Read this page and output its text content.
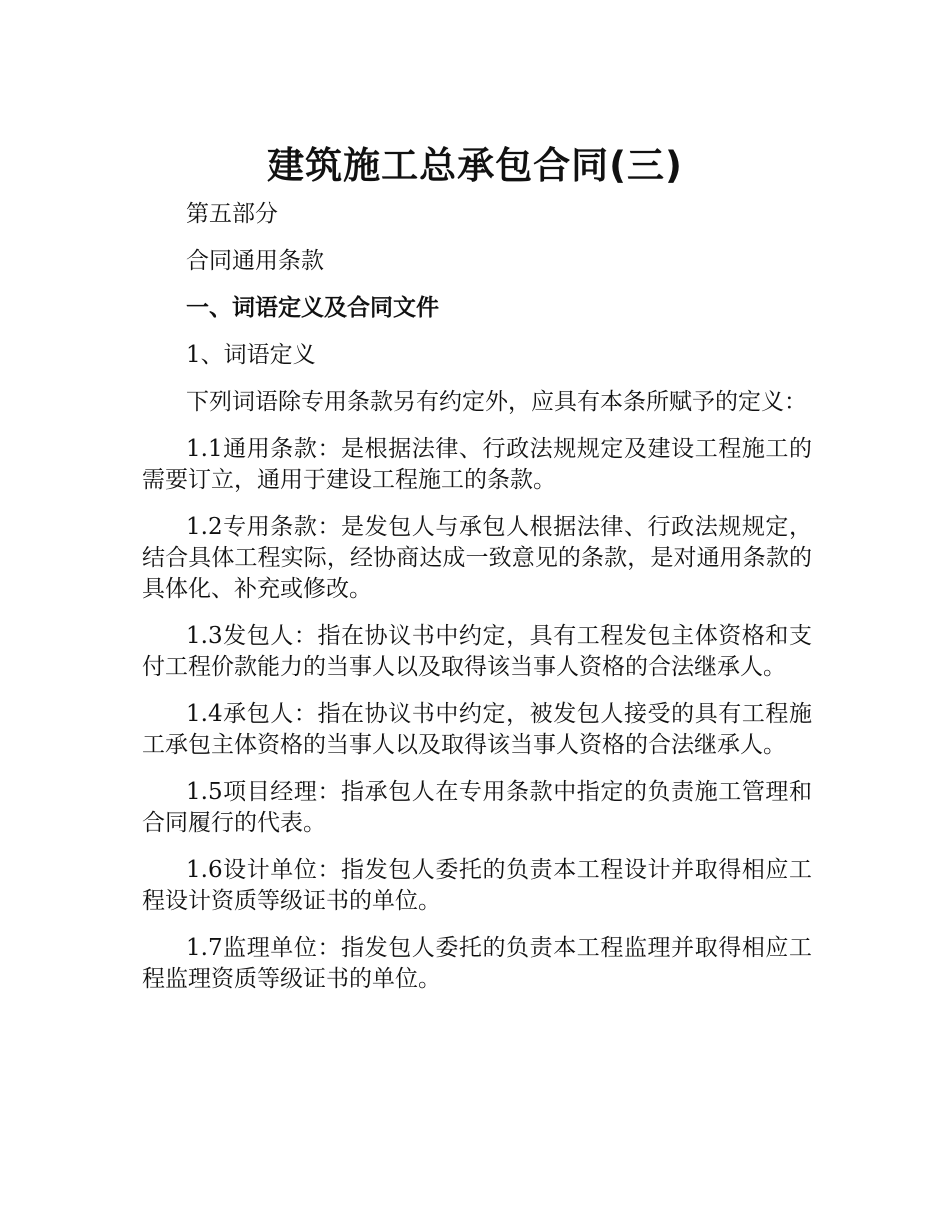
建筑施工总承包合同(三)

第五部分

合同通用条款

一、词语定义及合同文件

1、词语定义

下列词语除专用条款另有约定外，应具有本条所赋予的定义：

1.1通用条款：是根据法律、行政法规规定及建设工程施工的需要订立，通用于建设工程施工的条款。

1.2专用条款：是发包人与承包人根据法律、行政法规规定，结合具体工程实际，经协商达成一致意见的条款，是对通用条款的具体化、补充或修改。

1.3发包人：指在协议书中约定，具有工程发包主体资格和支付工程价款能力的当事人以及取得该当事人资格的合法继承人。

1.4承包人：指在协议书中约定，被发包人接受的具有工程施工承包主体资格的当事人以及取得该当事人资格的合法继承人。

1.5项目经理：指承包人在专用条款中指定的负责施工管理和合同履行的代表。

1.6设计单位：指发包人委托的负责本工程设计并取得相应工程设计资质等级证书的单位。

1.7监理单位：指发包人委托的负责本工程监理并取得相应工程监理资质等级证书的单位。
